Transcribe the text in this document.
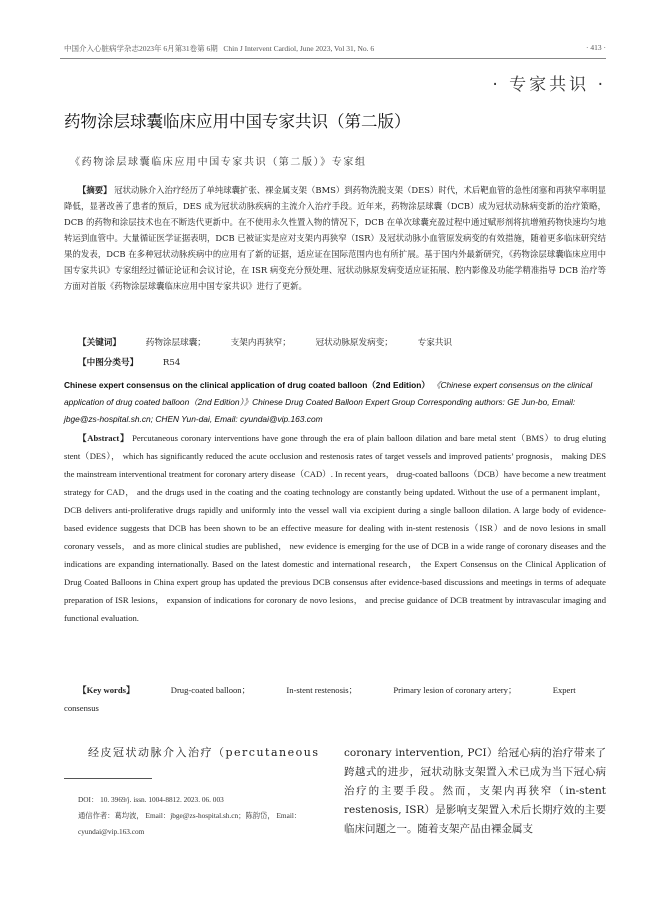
中国介入心脏病学杂志2023年 6月第31卷第 6期 Chin J Intervent Cardiol, June 2023, Vol 31, No. 6	· 413 ·
· 专家共识 ·
药物涂层球囊临床应用中国专家共识（第二版）
《药物涂层球囊临床应用中国专家共识（第二版）》专家组
【摘要】 冠状动脉介入治疗经历了单纯球囊扩张、裸金属支架（BMS）到药物洗脱支架（DES）时代，术后靶血管的急性闭塞和再狭窄率明显降低，显著改善了患者的预后，DES 成为冠状动脉疾病的主流介入治疗手段。近年来，药物涂层球囊（DCB）成为冠状动脉病变新的治疗策略，DCB 的药物和涂层技术也在不断迭代更新中。在不使用永久性置入物的情况下，DCB 在单次球囊充盈过程中通过赋形剂将抗增殖药物快速均匀地转运到血管中。大量循证医学证据表明，DCB 已被证实是应对支架内再狭窄（ISR）及冠状动脉小血管原发病变的有效措施，随着更多临床研究结果的发表，DCB 在多种冠状动脉疾病中的应用有了新的证据，适应证在国际范围内也有所扩展。基于国内外最新研究，《药物涂层球囊临床应用中国专家共识》专家组经过循证论证和会议讨论，在 ISR 病变充分预处理、冠状动脉原发病变适应证拓展、腔内影像及功能学精准指导 DCB 治疗等方面对首版《药物涂层球囊临床应用中国专家共识》进行了更新。
【关键词】	药物涂层球囊；	支架内再狭窄；	冠状动脉原发病变；	专家共识
【中图分类号】	R54
Chinese expert consensus on the clinical application of drug coated balloon（2nd Edition） 《Chinese expert consensus on the clinical application of drug coated balloon（2nd Edition）》Chinese Drug Coated Balloon Expert Group Corresponding authors: GE Jun-bo, Email: jbge@zs-hospital.sh.cn; CHEN Yun-dai, Email: cyundai@vip.163.com
【Abstract】 Percutaneous coronary interventions have gone through the era of plain balloon dilation and bare metal stent（BMS）to drug eluting stent（DES）， which has significantly reduced the acute occlusion and restenosis rates of target vessels and improved patients’ prognosis， making DES the mainstream interventional treatment for coronary artery disease（CAD）. In recent years， drug-coated balloons（DCB）have become a new treatment strategy for CAD， and the drugs used in the coating and the coating technology are constantly being updated. Without the use of a permanent implant， DCB delivers anti-proliferative drugs rapidly and uniformly into the vessel wall via excipient during a single balloon dilation. A large body of evidence-based evidence suggests that DCB has been shown to be an effective measure for dealing with in-stent restenosis（ISR）and de novo lesions in small coronary vessels， and as more clinical studies are published， new evidence is emerging for the use of DCB in a wide range of coronary diseases and the indications are expanding internationally. Based on the latest domestic and international research， the Expert Consensus on the Clinical Application of Drug Coated Balloons in China expert group has updated the previous DCB consensus after evidence-based discussions and meetings in terms of adequate preparation of ISR lesions， expansion of indications for coronary de novo lesions， and precise guidance of DCB treatment by intravascular imaging and functional evaluation.
【Key words】	Drug-coated balloon；	In-stent restenosis；	Primary lesion of coronary artery；	Expert consensus
经皮冠状动脉介入治疗（percutaneous
DOI： 10. 3969/j. issn. 1004-8812. 2023. 06. 003
通信作者：葛均波， Email：jbge@zs-hospital.sh.cn；陈韵岱， Email：cyundai@vip.163.com
coronary intervention, PCI）给冠心病的治疗带来了跨越式的进步，冠状动脉支架置入术已成为当下冠心病治疗的主要手段。然而，支架内再狭窄（in-stent restenosis, ISR）是影响支架置入术后长期疗效的主要临床问题之一。随着支架产品由裸金属支
